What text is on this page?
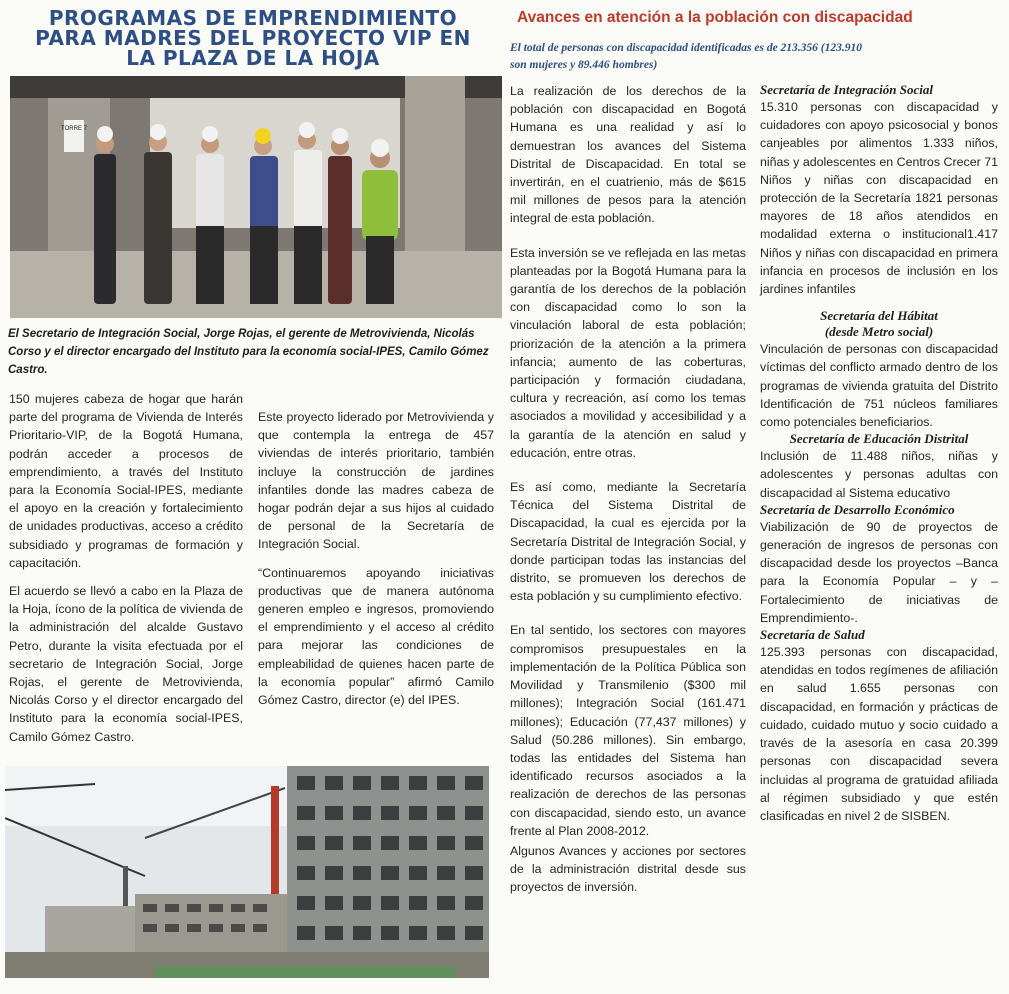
PROGRAMAS DE EMPRENDIMIENTO
PARA MADRES DEL PROYECTO VIP EN
LA PLAZA DE LA HOJA
TORRE 7
El Secretario de Integración Social, Jorge Rojas, el gerente de Metrovivienda, Nicolás Corso y el director encargado del Instituto para la economía social-IPES, Camilo Gómez Castro.

150 mujeres cabeza de hogar que harán parte del programa de Vivienda de Interés Prioritario-VIP, de la Bogotá Humana, podrán acceder a procesos de emprendimiento, a través del Instituto para la Economía Social-IPES, mediante el apoyo en la creación y fortalecimiento de unidades productivas, acceso a crédito subsidiado y programas de formación y capacitación.

El acuerdo se llevó a cabo en la Plaza de la Hoja, ícono de la política de vivienda de la administración del alcalde Gustavo Petro, durante la visita efectuada por el secretario de Integración Social, Jorge Rojas, el gerente de Metrovivienda, Nicolás Corso y el director encargado del Instituto para la economía social-IPES, Camilo Gómez Castro.

Este proyecto liderado por Metrovivienda y que contempla la entrega de 457 viviendas de interés prioritario, también incluye la construcción de jardines infantiles donde las madres cabeza de hogar podrán dejar a sus hijos al cuidado de personal de la Secretaría de Integración Social.

“Continuaremos apoyando iniciativas productivas que de manera autónoma generen empleo e ingresos, promoviendo el emprendimiento y el acceso al crédito para mejorar las condiciones de empleabilidad de quienes hacen parte de la economía popular” afirmó Camilo Gómez Castro, director (e) del IPES.

Avances en atención a la población con discapacidad
El total de personas con discapacidad identificadas es de 213.356 (123.910 son mujeres y 89.446 hombres)

La realización de los derechos de la población con discapacidad en Bogotá Humana es una realidad y así lo demuestran los avances del Sistema Distrital de Discapacidad. En total se invertirán, en el cuatrienio, más de $615 mil millones de pesos para la atención integral de esta población.

Esta inversión se ve reflejada en las metas planteadas por la Bogotá Humana para la garantía de los derechos de la población con discapacidad como lo son la vinculación laboral de esta población; priorización de la atención a la primera infancia; aumento de las coberturas, participación y formación ciudadana, cultura y recreación, así como los temas asociados a movilidad y accesibilidad y a la garantía de la atención en salud y educación, entre otras.

Es así como, mediante la Secretaría Técnica del Sistema Distrital de Discapacidad, la cual es ejercida por la Secretaría Distrital de Integración Social, y donde participan todas las instancias del distrito, se promueven los derechos de esta población y su cumplimiento efectivo.

En tal sentido, los sectores con mayores compromisos presupuestales en la implementación de la Política Pública son Movilidad y Transmilenio ($300 mil millones); Integración Social (161.471 millones); Educación (77,437 millones) y Salud (50.286 millones). Sin embargo, todas las entidades del Sistema han identificado recursos asociados a la realización de derechos de las personas con discapacidad, siendo esto, un avance frente al Plan 2008-2012.

Algunos Avances y acciones por sectores de la administración distrital desde sus proyectos de inversión.

Secretaría de Integración Social
15.310 personas con discapacidad y cuidadores con apoyo psicosocial y bonos canjeables por alimentos 1.333 niños, niñas y adolescentes en Centros Crecer 71 Niños y niñas con discapacidad en protección de la Secretaría 1821 personas mayores de 18 años atendidos en modalidad externa o institucional1.417 Niños y niñas con discapacidad en primera infancia en procesos de inclusión en los jardines infantiles
Secretaría del Hábitat
(desde Metro social)
Vinculación de personas con discapacidad víctimas del conflicto armado dentro de los programas de vivienda gratuita del Distrito Identificación de 751 núcleos familiares como potenciales beneficiarios.
Secretaría de Educación Distrital
Inclusión de 11.488 niños, niñas y adolescentes y personas adultas con discapacidad al Sistema educativo
Secretaría de Desarrollo Económico
Viabilización de 90 de proyectos de generación de ingresos de personas con discapacidad desde los proyectos –Banca para la Economía Popular – y – Fortalecimiento de iniciativas de Emprendimiento-.
Secretaría de Salud
125.393 personas con discapacidad, atendidas en todos regímenes de afiliación en salud 1.655 personas con discapacidad, en formación y prácticas de cuidado, cuidado mutuo y socio cuidado a través de la asesoría en casa 20.399 personas con discapacidad severa incluidas al programa de gratuidad afiliada al régimen subsidiado y que estén clasificadas en nivel 2 de SISBEN.
